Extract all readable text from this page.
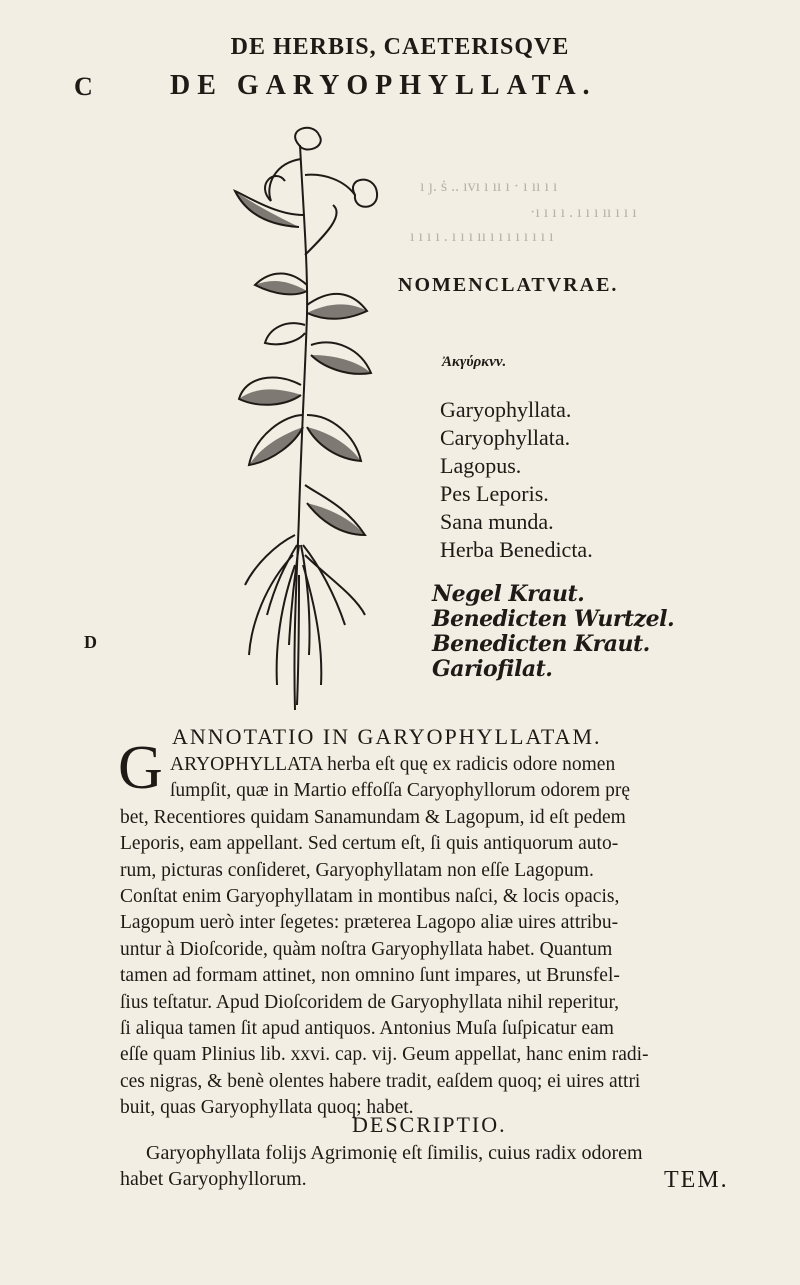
DE HERBIS, CAETERISQVE
C	DE GARYOPHYLLATA.
ı ȷ. ṡ .. ıvı ı ıı ı · ı ıı ı ı
·ı ı ı ı . ı ı ı ıı ı ı ı
ı ı ı ı . ı ı ı ıı ı ı ı ı ı ı ı ı
NOMENCLATVRAE.
Ἀκγύρκνν.
Garyophyllata.
Caryophyllata.
Lagopus.
Pes Leporis.
Sana munda.
Herba Benedicta.
Negel Kraut.
Benedicten Wurtzel.
Benedicten Kraut.
Gariofilat.
D
ANNOTATIO IN GARYOPHYLLATAM.
G ARYOPHYLLATA herba eſt quę ex radicis odore nomen
ſumpſit, quæ in Martio effoſſa Caryophyllorum odorem prę
bet, Recentiores quidam Sanamundam & Lagopum, id eſt pedem
Leporis, eam appellant. Sed certum eſt, ſi quis antiquorum auto-
rum, picturas conſideret, Garyophyllatam non eſſe Lagopum.
Conſtat enim Garyophyllatam in montibus naſci, & locis opacis,
Lagopum uerò inter ſegetes: præterea Lagopo aliæ uires attribu-
untur à Dioſcoride, quàm noſtra Garyophyllata habet. Quantum
tamen ad formam attinet, non omnino ſunt impares, ut Brunsfel-
ſius teſtatur. Apud Dioſcoridem de Garyophyllata nihil reperitur,
ſi aliqua tamen ſit apud antiquos. Antonius Muſa ſuſpicatur eam
eſſe quam Plinius lib. xxvi. cap. vij. Geum appellat, hanc enim radi-
ces nigras, & benè olentes habere tradit, eaſdem quoq; ei uires attri
buit, quas Garyophyllata quoq; habet.
DESCRIPTIO.
Garyophyllata folijs Agrimonię eſt ſimilis, cuius radix odorem
habet Garyophyllorum.	TEM.
